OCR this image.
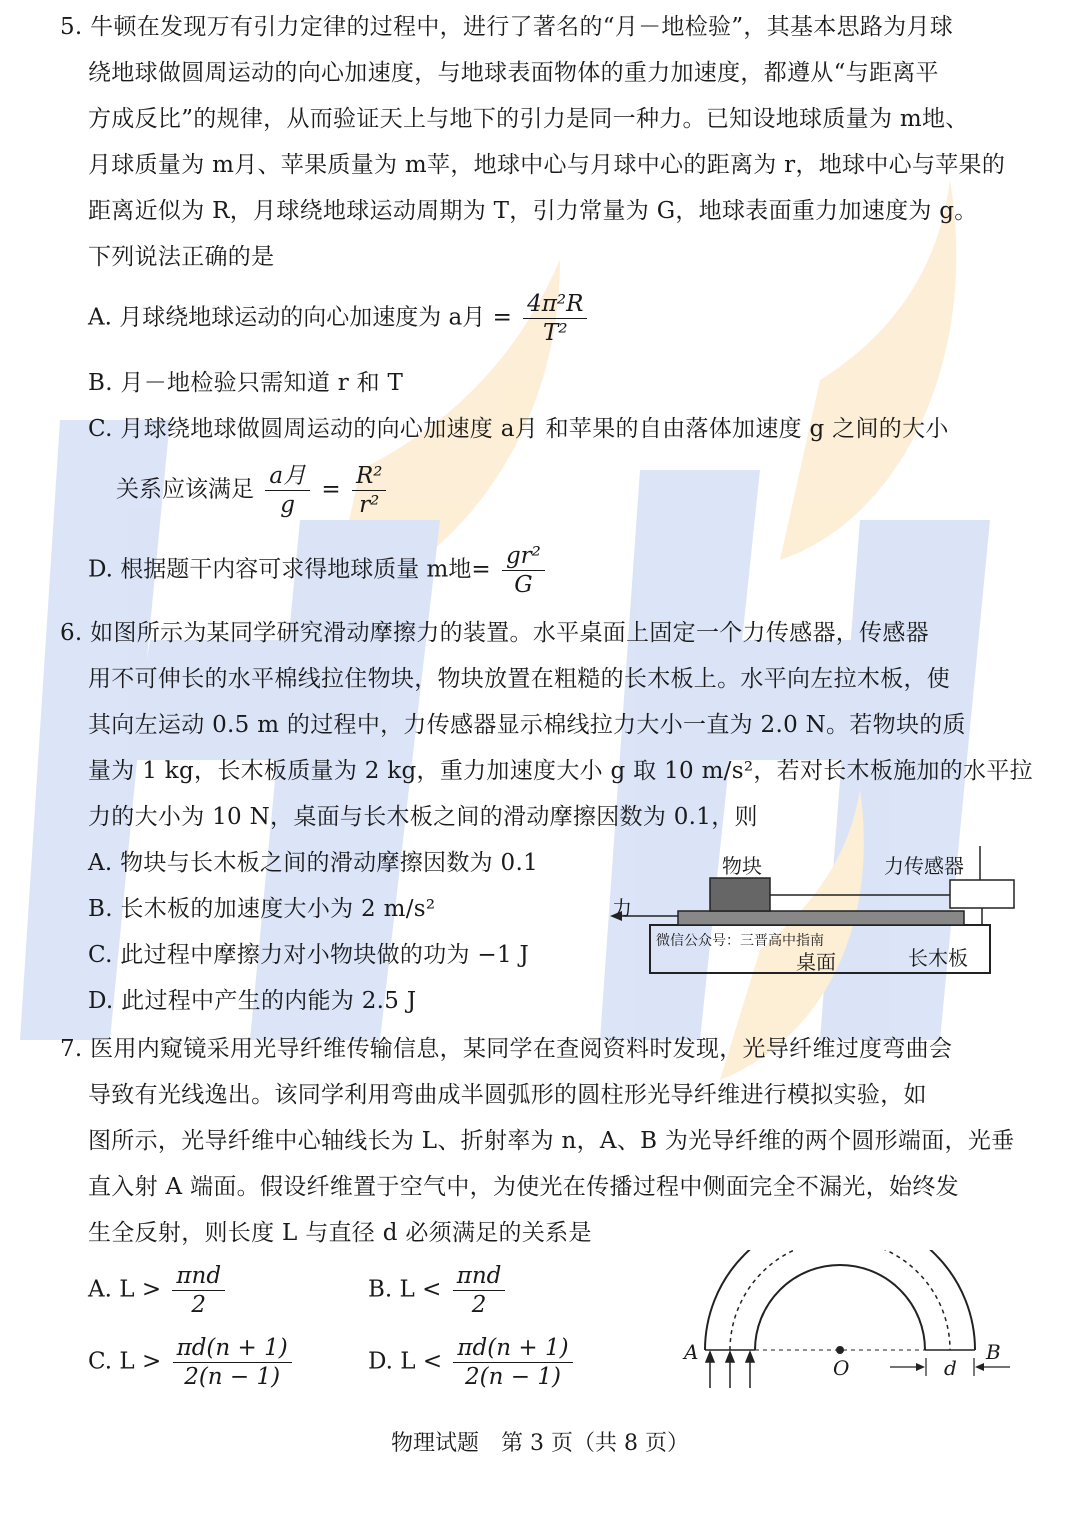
5. 牛顿在发现万有引力定律的过程中，进行了著名的“月－地检验”，其基本思路为月球
绕地球做圆周运动的向心加速度，与地球表面物体的重力加速度，都遵从“与距离平
方成反比”的规律，从而验证天上与地下的引力是同一种力。已知设地球质量为 m地、
月球质量为 m月、苹果质量为 m苹，地球中心与月球中心的距离为 r，地球中心与苹果的
距离近似为 R，月球绕地球运动周期为 T，引力常量为 G，地球表面重力加速度为 g。
下列说法正确的是
A. 月球绕地球运动的向心加速度为 a月 = $\frac{\text{4π²R}}{\text{T²}}$
B. 月－地检验只需知道 r 和 T
C. 月球绕地球做圆周运动的向心加速度 a月 和苹果的自由落体加速度 g 之间的大小
关系应该满足 $\frac{\text{a月}}{g} = \frac{\text{R²}}{\text{r²}}$
D. 根据题干内容可求得地球质量 m地= $\frac{\text{gr²}}{G}$
6. 如图所示为某同学研究滑动摩擦力的装置。水平桌面上固定一个力传感器，传感器
用不可伸长的水平棉线拉住物块，物块放置在粗糙的长木板上。水平向左拉木板，使
其向左运动 0.5 m 的过程中，力传感器显示棉线拉力大小一直为 2.0 N。若物块的质
量为 1 kg，长木板质量为 2 kg，重力加速度大小 g 取 10 m/s²，若对长木板施加的水平拉
力的大小为 10 N，桌面与长木板之间的滑动摩擦因数为 0.1，则
A. 物块与长木板之间的滑动摩擦因数为 0.1
B. 长木板的加速度大小为 2 m/s²
C. 此过程中摩擦力对小物块做的功为 −1 J
D. 此过程中产生的内能为 2.5 J
物块	力传感器
力
微信公众号：三晋高中指南
桌面	长木板
7. 医用内窥镜采用光导纤维传输信息，某同学在查阅资料时发现，光导纤维过度弯曲会
导致有光线逸出。该同学利用弯曲成半圆弧形的圆柱形光导纤维进行模拟实验，如
图所示，光导纤维中心轴线长为 L、折射率为 n，A、B 为光导纤维的两个圆形端面，光垂
直入射 A 端面。假设纤维置于空气中，为使光在传播过程中侧面完全不漏光，始终发
生全反射，则长度 L 与直径 d 必须满足的关系是
A. $L > \frac{\text{πnd}}{2}$	B. $L < \frac{\text{πnd}}{2}$
C. $L > \frac{\pi d(n + 1)}{2(n - 1)}$	D. $L < \frac{\pi d(n + 1)}{2(n - 1)}$	A	B
O	d
物理试题　第 3 页（共 8 页）
